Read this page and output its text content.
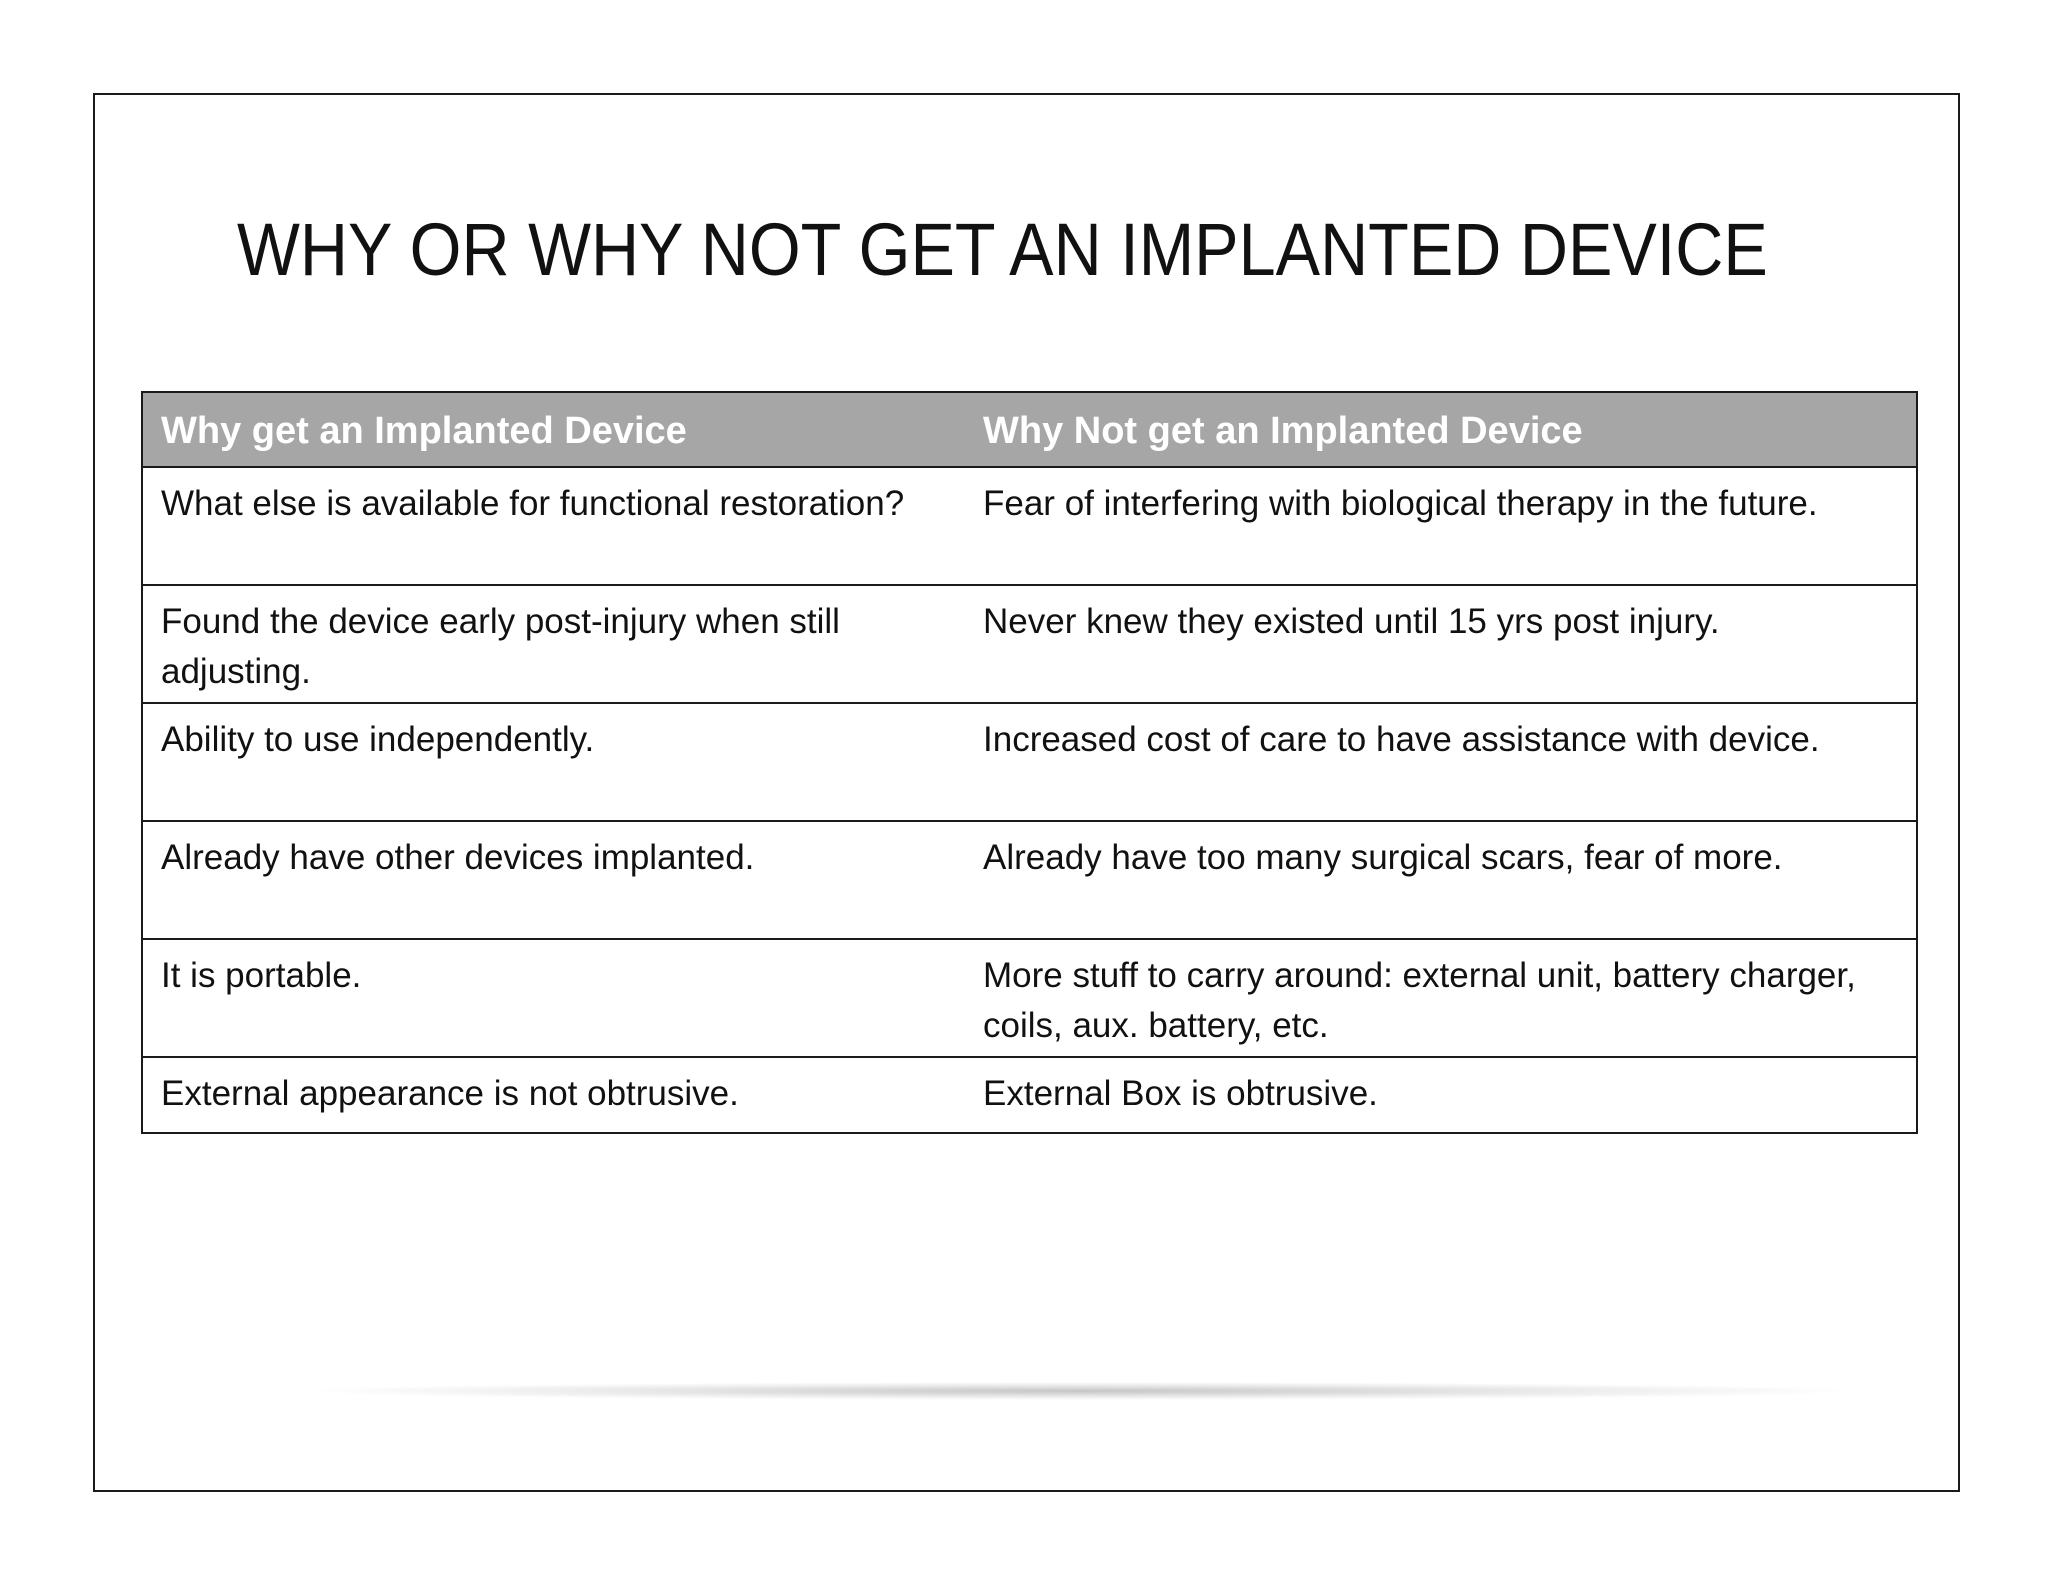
WHY OR WHY NOT GET AN IMPLANTED DEVICE
Why get an Implanted Device	Why Not get an Implanted Device
What else is available for functional restoration?	Fear of interfering with biological therapy in the future.
Found the device early post-injury when still adjusting.	Never knew they existed until 15 yrs post injury.
Ability to use independently.	Increased cost of care to have assistance with device.
Already have other devices implanted.	Already have too many surgical scars, fear of more.
It is portable.	More stuff to carry around: external unit, battery charger, coils, aux. battery, etc.
External appearance is not obtrusive.	External Box is obtrusive.
